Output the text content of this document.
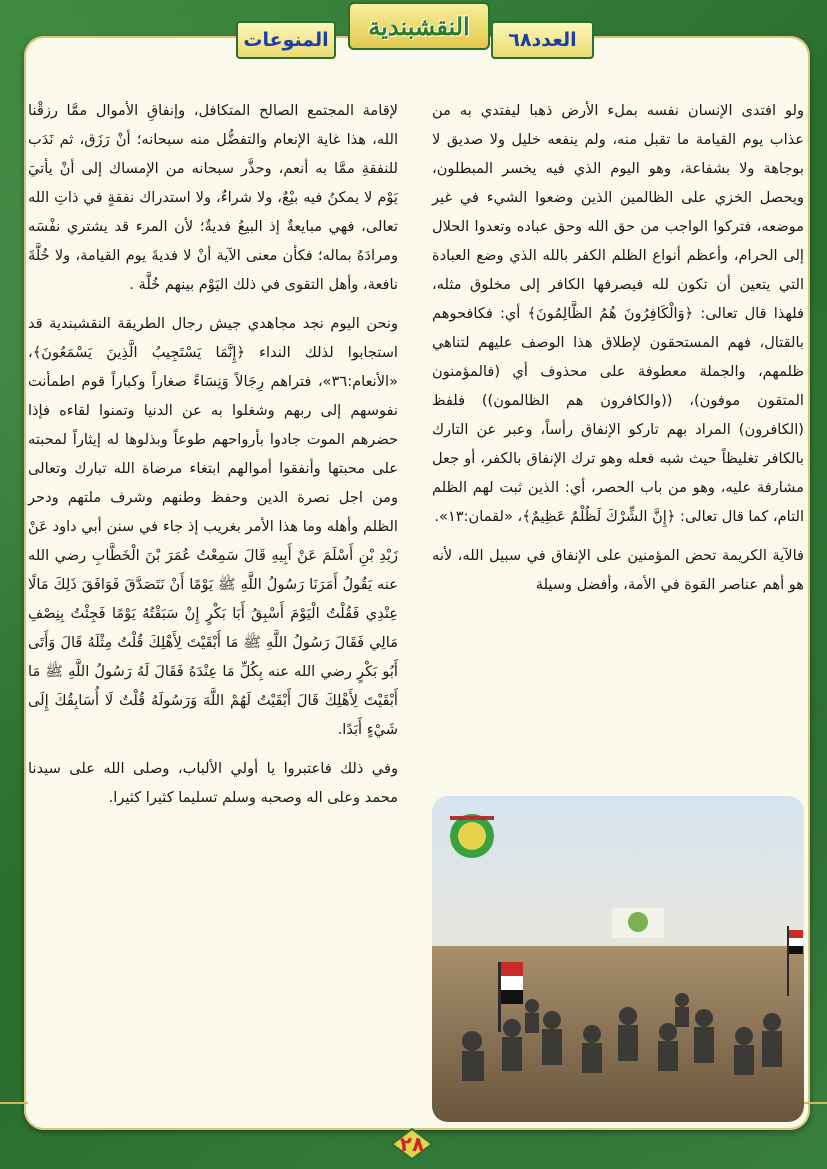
النقشبندية	العدد٦٨
المنوعات

ولو افتدى الإنسان نفسه بملء الأرض ذهبا ليفتدي به من عذاب يوم القيامة ما تقبل منه، ولم ينفعه خليل ولا صديق لا بوجاهة ولا بشفاعة، وهو اليوم الذي فيه يخسر المبطلون، ويحصل الخزي على الظالمين الذين وضعوا الشيء في غير موضعه، فتركوا الواجب من حق الله وحق عباده وتعدوا الحلال إلى الحرام، وأعظم أنواع الظلم الكفر بالله الذي وضع العبادة التي يتعين أن تكون لله فيصرفها الكافر إلى مخلوق مثله، فلهذا قال تعالى: ﴿وَالْكَافِرُونَ هُمُ الظَّالِمُونَ﴾ أي: فكافحوهم بالقتال، فهم المستحقون لإطلاق هذا الوصف عليهم لتناهي ظلمهم، والجملة معطوفة على محذوف أي (فالمؤمنون المتقون موفون)، ((والكافرون هم الظالمون)) فلفظ (الكافرون) المراد بهم تاركو الإنفاق رأساً، وعبر عن التارك بالكافر تغليظاً حيث شبه فعله وهو ترك الإنفاق بالكفر، أو جعل مشارفة عليه، وهو من باب الحصر، أي: الذين ثبت لهم الظلم التام، كما قال تعالى: ﴿إِنَّ الشِّرْكَ لَظُلْمٌ عَظِيمٌ﴾، «لقمان:١٣».

فالآية الكريمة تحض المؤمنين على الإنفاق في سبيل الله، لأنه هو أهم عناصر القوة في الأمة، وأفضل وسيلة

لإقامة المجتمع الصالح المتكافل، وإنفاقِ الأموال ممَّا رزقْنا الله، هذا غاية الإنعام والتفضُّل منه سبحانه؛ أنْ رَزَق، ثم نَدَب للنفقةِ ممَّا به أنعم، وحذَّر سبحانه من الإمساك إلى أنْ يأتيَ يَوْم لا يمكنُ فيه بيْعٌ، ولا شراءٌ، ولا استدراك نفقةٍ في ذاتِ الله تعالى، فهي مبايعةٌ إذ البيعُ فديةٌ؛ لأن المرء قد يشتري نفْسَه ومرادَهُ بماله؛ فكأن معنى الآية أنْ لا فديةَ يوم القيامة، ولا خُلَّةَ نافعة، وأهل التقوى في ذلك اليَوْم بينهم خُلَّة .

ونحن اليوم نجد مجاهدي جيش رجال الطريقة النقشبندية قد استجابوا لذلك النداء ﴿إِنَّمَا يَسْتَجِيبُ الَّذِينَ يَسْمَعُونَ﴾، «الأنعام:٣٦»، فتراهم رِجَالاً وَنِسَاءً صغاراً وكباراً قوم اطمأنت نفوسهم إلى ربهم وشغلوا به عن الدنيا وتمنوا لقاءه فإذا حضرهم الموت جادوا بأرواحهم طوعاً وبذلوها له إيثاراً لمحبته على محبتها وأنفقوا أموالهم ابتغاء مرضاة الله تبارك وتعالى ومن اجل نصرة الدين وحفظ وطنهم وشرف ملتهم ودحر الظلم وأهله وما هذا الأمر بغريب إذ جاء في سنن أبي داود عَنْ زَيْدِ بْنِ أَسْلَمَ عَنْ أَبِيهِ قَالَ سَمِعْتُ عُمَرَ بْنَ الْخَطَّابِ رضي الله عنه يَقُولُ أَمَرَنَا رَسُولُ اللَّهِ ﷺ يَوْمًا أَنْ نَتَصَدَّقَ فَوَافَقَ ذَلِكَ مَالًا عِنْدِي فَقُلْتُ الْيَوْمَ أَسْبِقُ أَبَا بَكْرٍ إِنْ سَبَقْتُهُ يَوْمًا فَجِئْتُ بِنِصْفِ مَالِي فَقَالَ رَسُولُ اللَّهِ ﷺ مَا أَبْقَيْتَ لِأَهْلِكَ قُلْتُ مِثْلَهُ قَالَ وَأَتَى أَبُو بَكْرٍ رضي الله عنه بِكُلِّ مَا عِنْدَهُ فَقَالَ لَهُ رَسُولُ اللَّهِ ﷺ مَا أَبْقَيْتَ لِأَهْلِكَ قَالَ أَبْقَيْتُ لَهُمْ اللَّهَ وَرَسُولَهُ قُلْتُ لَا أُسَابِقُكَ إِلَى شَيْءٍ أَبَدًا.

وفي ذلك فاعتبروا يا أولي الألباب، وصلى الله على سيدنا محمد وعلى اله وصحبه وسلم تسليما كثيرا كثيرا.

٢٨
